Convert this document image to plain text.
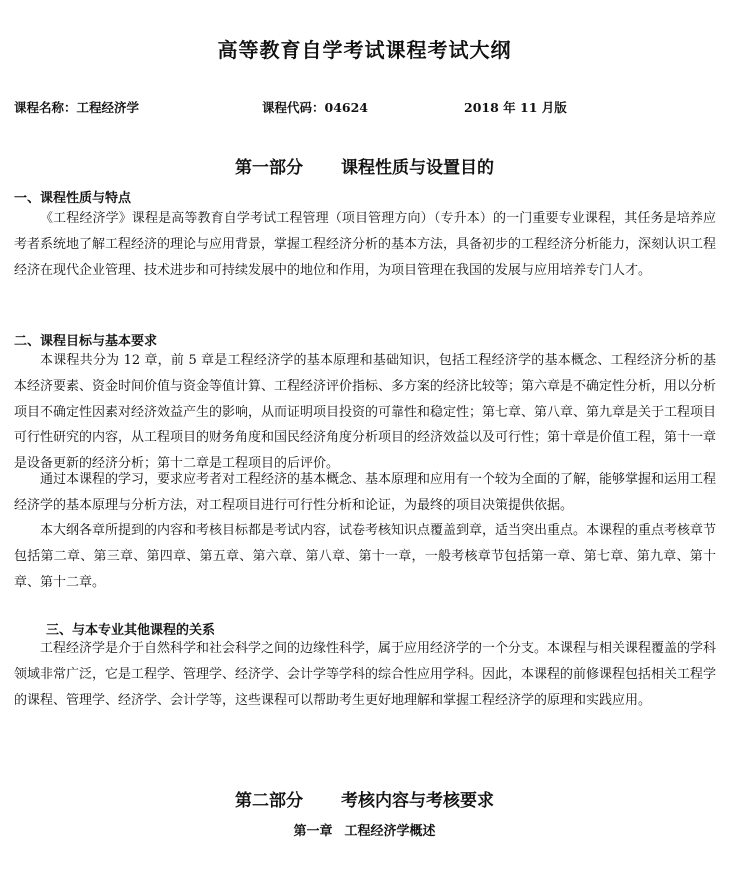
高等教育自学考试课程考试大纲
课程名称：工程经济学	课程代码：04624	2018 年 11 月版
第一部分 课程性质与设置目的
一、课程性质与特点

《工程经济学》课程是高等教育自学考试工程管理（项目管理方向）（专升本）的一门重要专业课程，其任务是培养应考者系统地了解工程经济的理论与应用背景，掌握工程经济分析的基本方法，具备初步的工程经济分析能力，深刻认识工程经济在现代企业管理、技术进步和可持续发展中的地位和作用，为项目管理在我国的发展与应用培养专门人才。

二、课程目标与基本要求

本课程共分为 12 章，前 5 章是工程经济学的基本原理和基础知识，包括工程经济学的基本概念、工程经济分析的基本经济要素、资金时间价值与资金等值计算、工程经济评价指标、多方案的经济比较等；第六章是不确定性分析，用以分析项目不确定性因素对经济效益产生的影响，从而证明项目投资的可靠性和稳定性；第七章、第八章、第九章是关于工程项目可行性研究的内容，从工程项目的财务角度和国民经济角度分析项目的经济效益以及可行性；第十章是价值工程，第十一章是设备更新的经济分析；第十二章是工程项目的后评价。

通过本课程的学习，要求应考者对工程经济的基本概念、基本原理和应用有一个较为全面的了解，能够掌握和运用工程经济学的基本原理与分析方法，对工程项目进行可行性分析和论证，为最终的项目决策提供依据。

本大纲各章所提到的内容和考核目标都是考试内容，试卷考核知识点覆盖到章，适当突出重点。本课程的重点考核章节包括第二章、第三章、第四章、第五章、第六章、第八章、第十一章，一般考核章节包括第一章、第七章、第九章、第十章、第十二章。

三、与本专业其他课程的关系

工程经济学是介于自然科学和社会科学之间的边缘性科学，属于应用经济学的一个分支。本课程与相关课程覆盖的学科领域非常广泛，它是工程学、管理学、经济学、会计学等学科的综合性应用学科。因此，本课程的前修课程包括相关工程学的课程、管理学、经济学、会计学等，这些课程可以帮助考生更好地理解和掌握工程经济学的原理和实践应用。

第二部分 考核内容与考核要求
第一章 工程经济学概述
